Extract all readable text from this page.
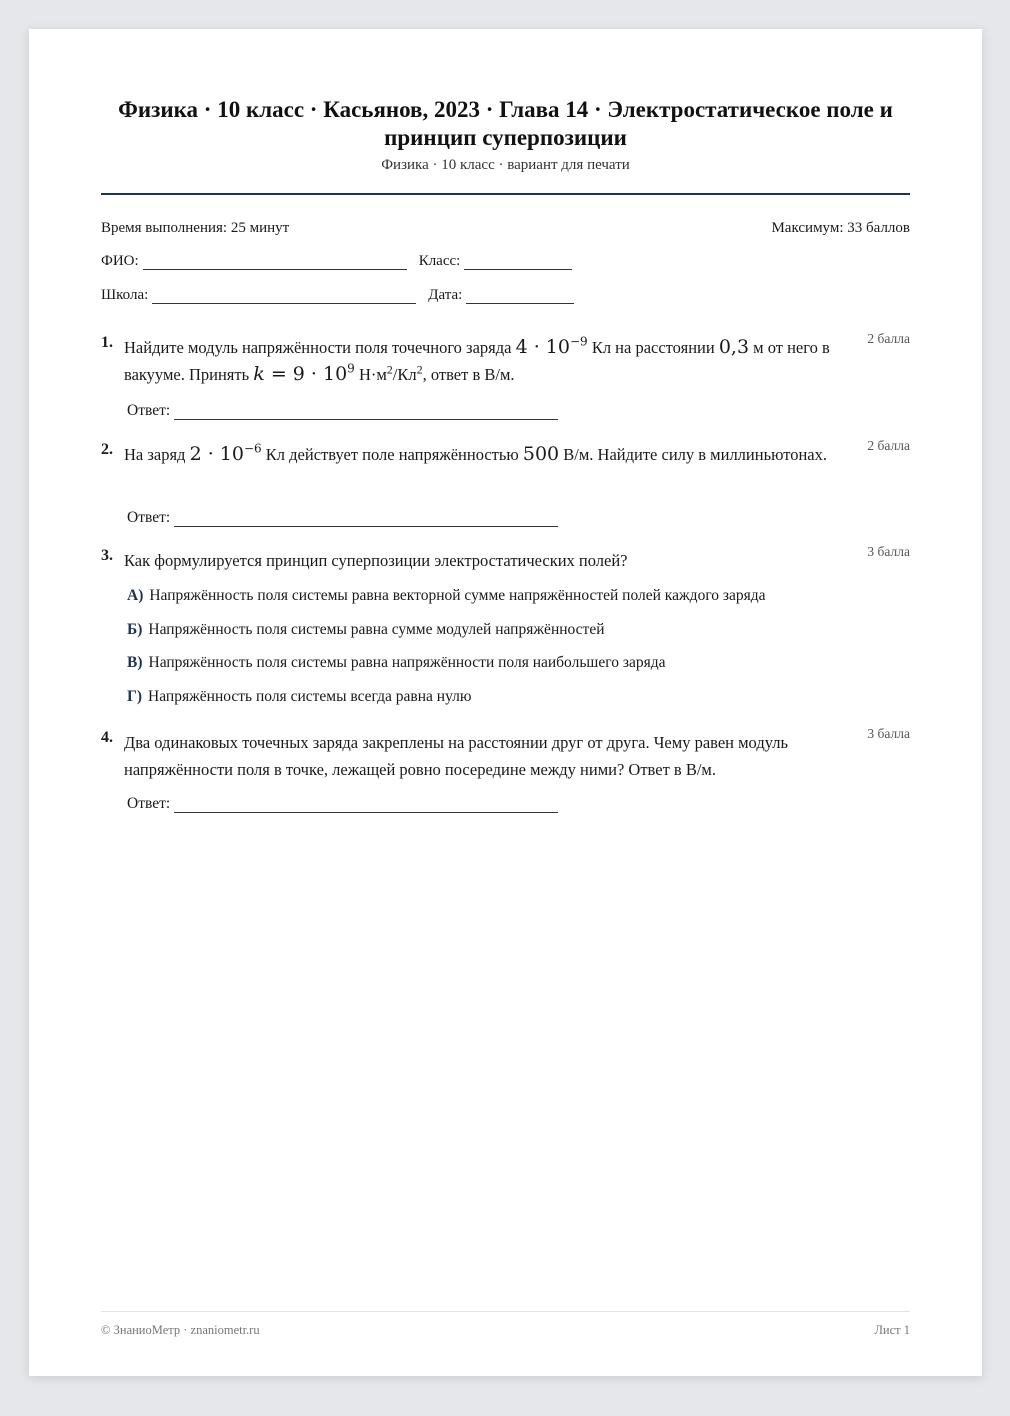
Физика · 10 класс · Касьянов, 2023 · Глава 14 · Электростатическое поле и принцип суперпозиции
Физика · 10 класс · вариант для печати
Время выполнения: 25 минут	Максимум: 33 баллов
ФИО:	Класс:
Школа:	Дата:
1. Найдите модуль напряжённости поля точечного заряда $4 \cdot 10^{-9}$ Кл на расстоянии 0,3 м от него в вакууме. Принять $k = 9 \cdot 10^9$ $Н\cdot м^2/Кл^2$, ответ в В/м.
2 балла
Ответ:
2. На заряд $2 \cdot 10^{-6}$ Кл действует поле напряжённостью 500 В/м. Найдите силу в миллиньютонах.	2 балла
Ответ:
3. Как формулируется принцип суперпозиции электростатических полей?	3 балла
А) Напряжённость поля системы равна векторной сумме напряжённостей полей каждого заряда
Б) Напряжённость поля системы равна сумме модулей напряжённостей
В) Напряжённость поля системы равна напряжённости поля наибольшего заряда
Г) Напряжённость поля системы всегда равна нулю
4. Два одинаковых точечных заряда закреплены на расстоянии друг от друга. Чему равен модуль напряжённости поля в точке, лежащей ровно посередине между ними? Ответ в В/м.
3 балла
Ответ:
© ЗнаниоМетр · znaniometr.ru	Лист 1
